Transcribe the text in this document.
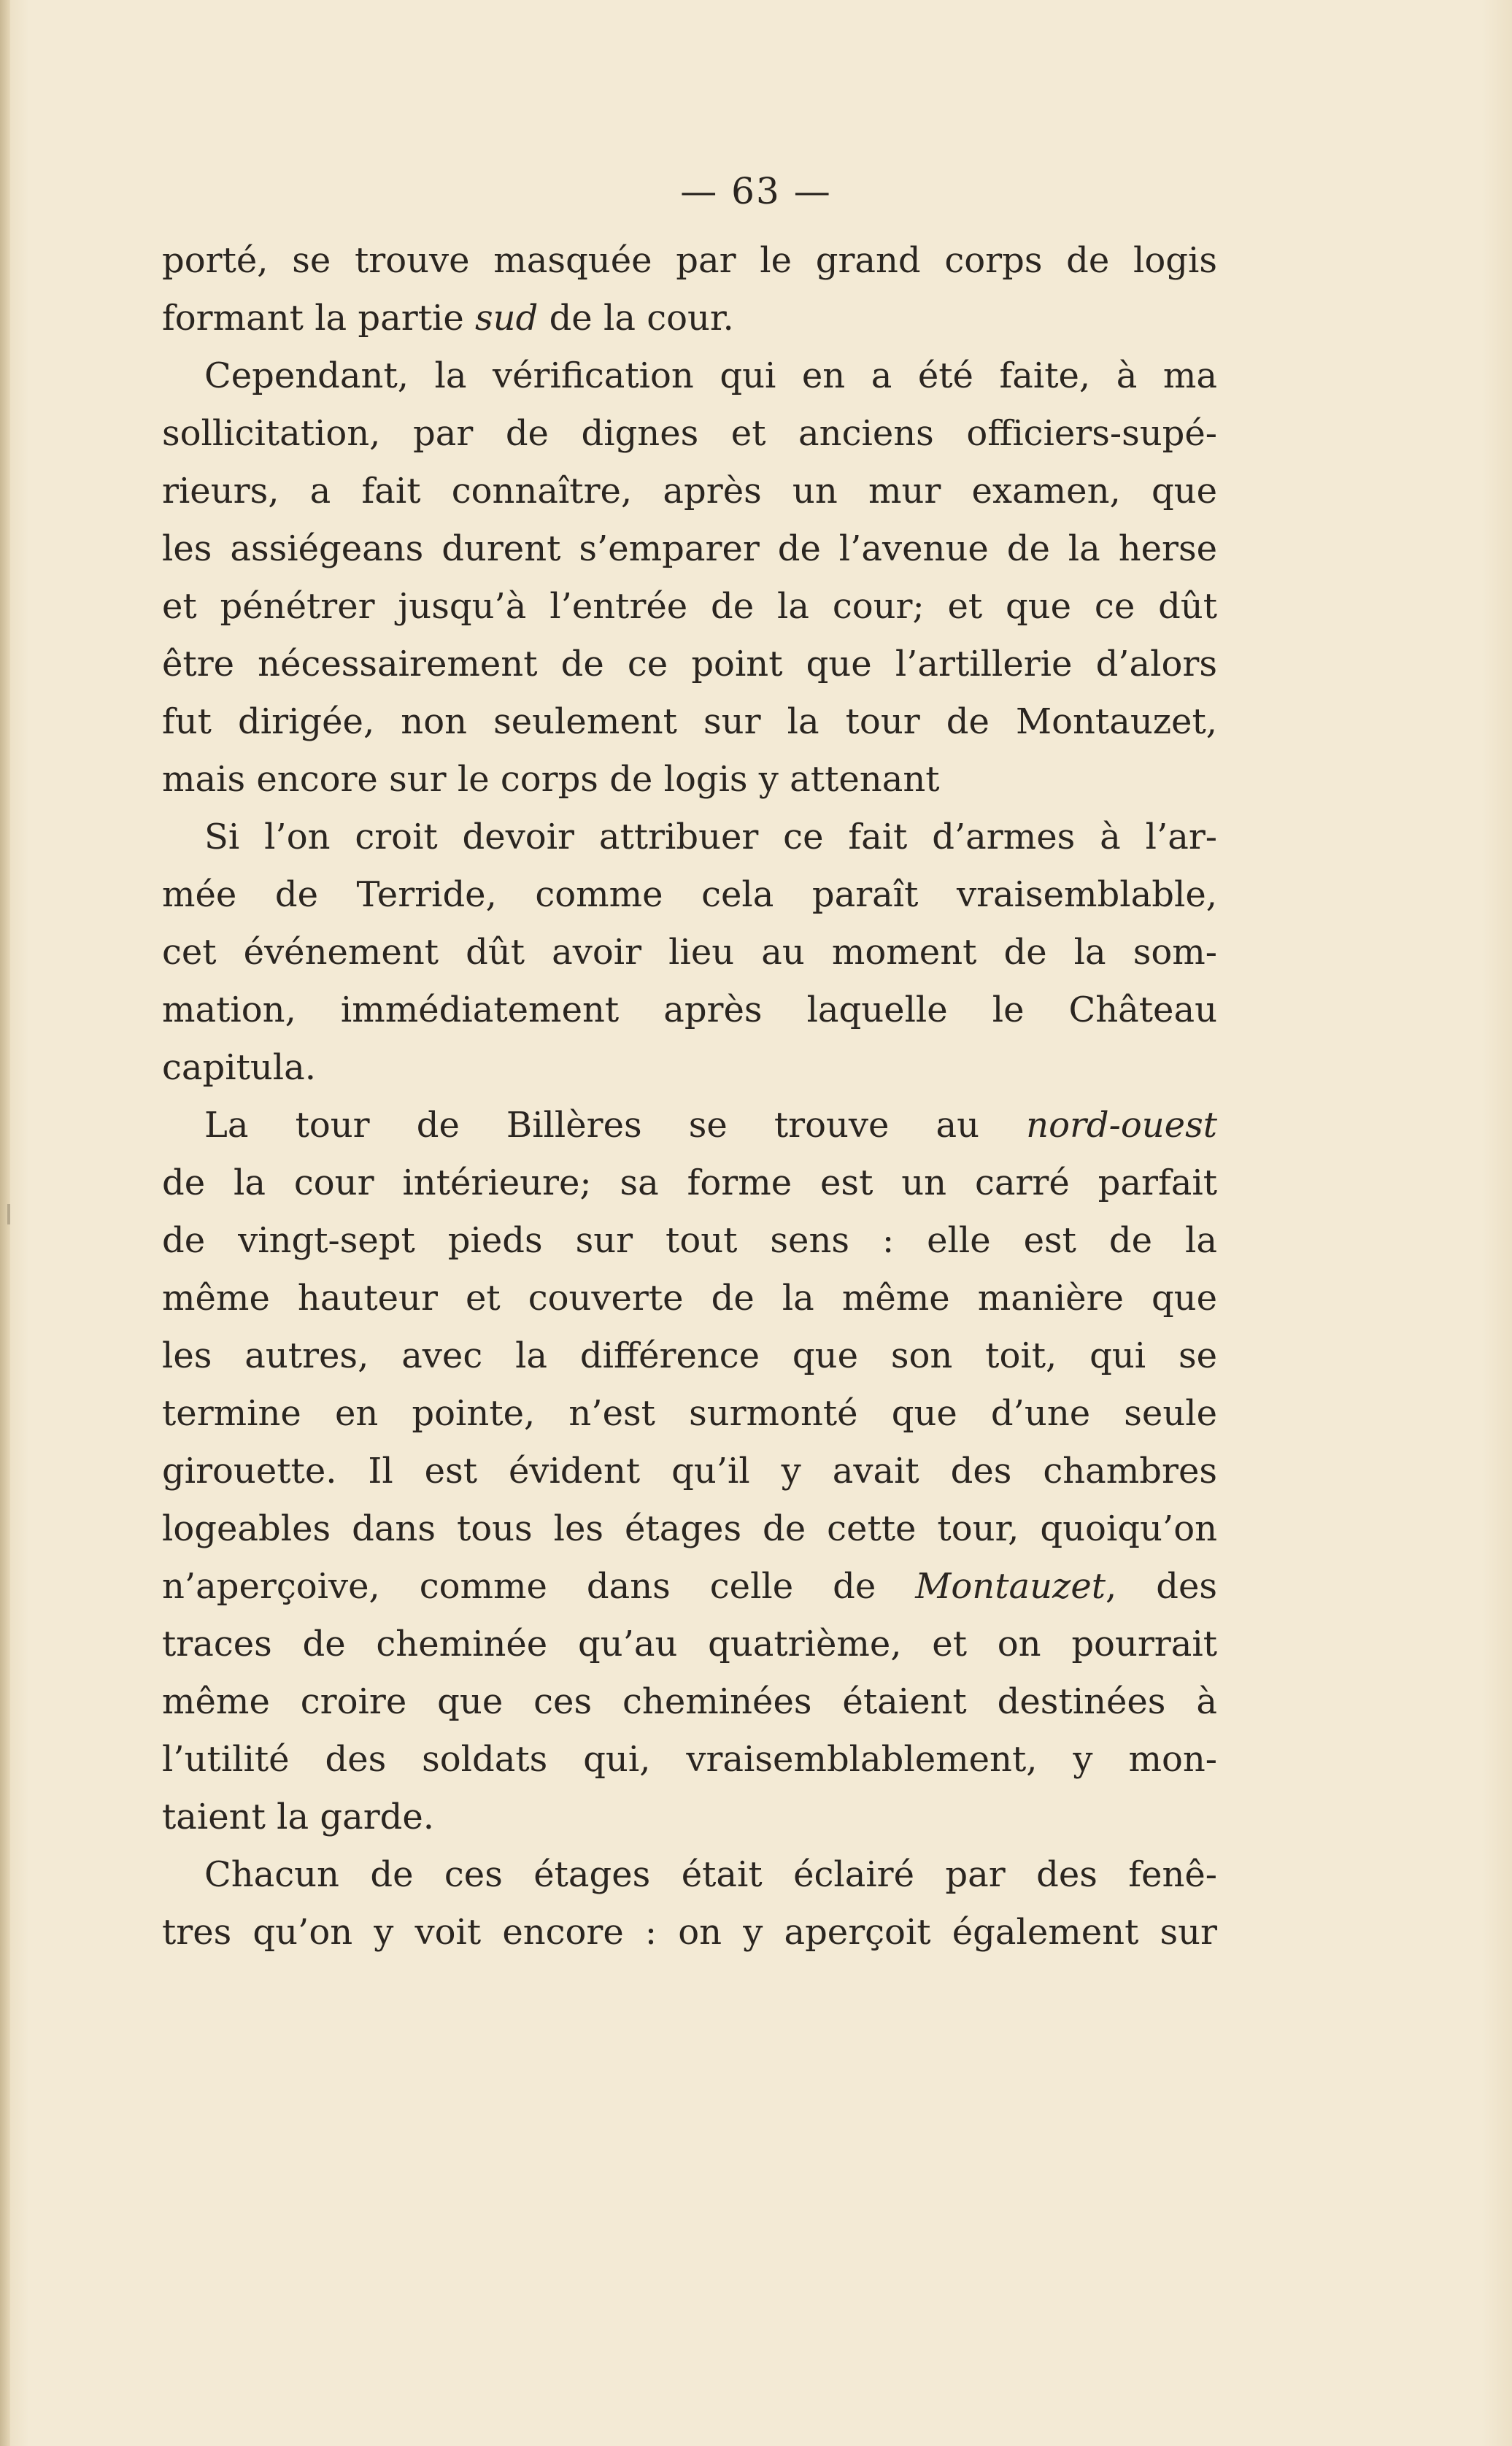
— 63 —
porté, se trouve masquée par le grand corps de logis
formant la partie sud de la cour.
Cependant, la vérification qui en a été faite, à ma
sollicitation, par de dignes et anciens officiers-supé-
rieurs, a fait connaître, après un mur examen, que
les assiégeans durent s’emparer de l’avenue de la herse
et pénétrer jusqu’à l’entrée de la cour; et que ce dût
être nécessairement de ce point que l’artillerie d’alors
fut dirigée, non seulement sur la tour de Montauzet,
mais encore sur le corps de logis y attenant
Si l’on croit devoir attribuer ce fait d’armes à l’ar-
mée de Terride, comme cela paraît vraisemblable,
cet événement dût avoir lieu au moment de la som-
mation, immédiatement après laquelle le Château
capitula.
La tour de Billères se trouve au nord-ouest
de la cour intérieure; sa forme est un carré parfait
de vingt-sept pieds sur tout sens : elle est de la
même hauteur et couverte de la même manière que
les autres, avec la différence que son toit, qui se
termine en pointe, n’est surmonté que d’une seule
girouette. Il est évident qu’il y avait des chambres
logeables dans tous les étages de cette tour, quoiqu’on
n’aperçoive, comme dans celle de Montauzet, des
traces de cheminée qu’au quatrième, et on pourrait
même croire que ces cheminées étaient destinées à
l’utilité des soldats qui, vraisemblablement, y mon-
taient la garde.
Chacun de ces étages était éclairé par des fenê-
tres qu’on y voit encore : on y aperçoit également sur
